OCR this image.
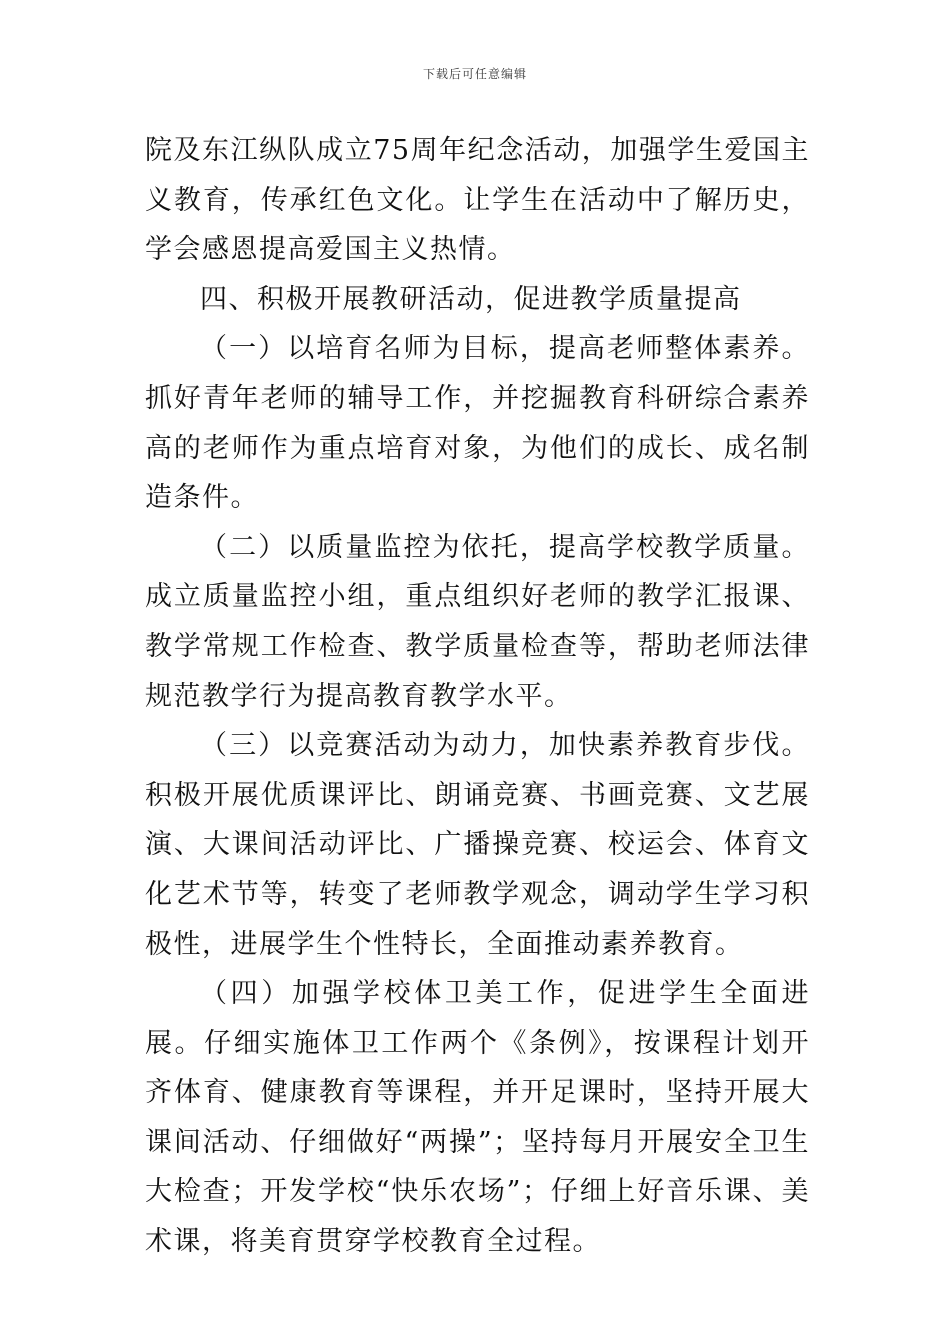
下载后可任意编辑

院及东江纵队成立75周年纪念活动，加强学生爱国主义教育，传承红色文化。让学生在活动中了解历史，学会感恩提高爱国主义热情。

四、积极开展教研活动，促进教学质量提高

（一）以培育名师为目标，提高老师整体素养。抓好青年老师的辅导工作，并挖掘教育科研综合素养高的老师作为重点培育对象，为他们的成长、成名制造条件。

（二）以质量监控为依托，提高学校教学质量。成立质量监控小组，重点组织好老师的教学汇报课、教学常规工作检查、教学质量检查等，帮助老师法律规范教学行为提高教育教学水平。

（三）以竞赛活动为动力，加快素养教育步伐。积极开展优质课评比、朗诵竞赛、书画竞赛、文艺展演、大课间活动评比、广播操竞赛、校运会、体育文化艺术节等，转变了老师教学观念，调动学生学习积极性，进展学生个性特长，全面推动素养教育。

（四）加强学校体卫美工作，促进学生全面进展。仔细实施体卫工作两个《条例》，按课程计划开齐体育、健康教育等课程，并开足课时，坚持开展大课间活动、仔细做好“两操”；坚持每月开展安全卫生大检查；开发学校“快乐农场”；仔细上好音乐课、美术课，将美育贯穿学校教育全过程。
